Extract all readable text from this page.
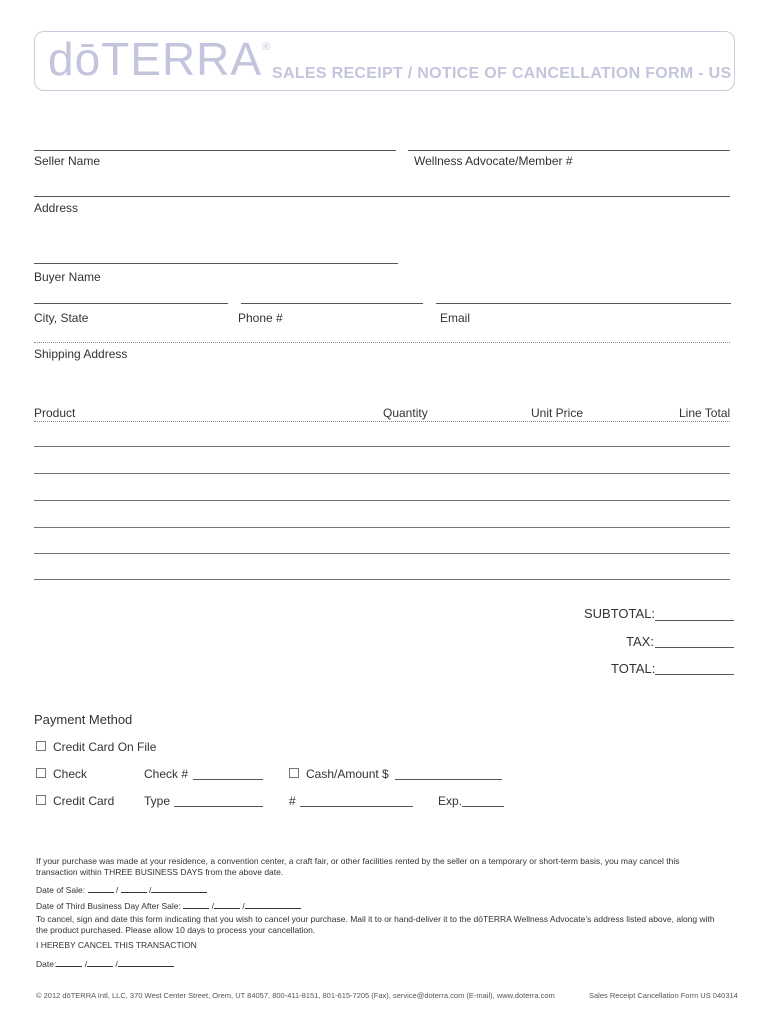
dōTERRA®
SALES RECEIPT / NOTICE OF CANCELLATION FORM - US
Seller Name	Wellness Advocate/Member #
Address
Buyer Name
City, State	Phone #	Email
Shipping Address
Product	Quantity	Unit Price	Line Total
SUBTOTAL:
TAX:
TOTAL:
Payment Method
Credit Card On File
Check	Check #	Cash/Amount $
Credit Card Type	#	Exp.
If your purchase was made at your residence, a convention center, a craft fair, or other facilities rented by the seller on a temporary or short-term basis, you may cancel this
transaction within THREE BUSINESS DAYS from the above date.
Date of Sale:	/	/
Date of Third Business Day After Sale:	/	/
To cancel, sign and date this form indicating that you wish to cancel your purchase. Mail it to or hand-deliver it to the dōTERRA Wellness Advocate’s address listed above, along with
the product purchased. Please allow 10 days to process your cancellation.
I HEREBY CANCEL THIS TRANSACTION
Date:	/	/
© 2012 dōTERRA Intl, LLC, 370 West Center Street, Orem, UT 84057, 800-411-8151, 801-615-7205 (Fax), service@doterra.com (E-mail), www.doterra.com	Sales Receipt Cancellation Form US 040314
